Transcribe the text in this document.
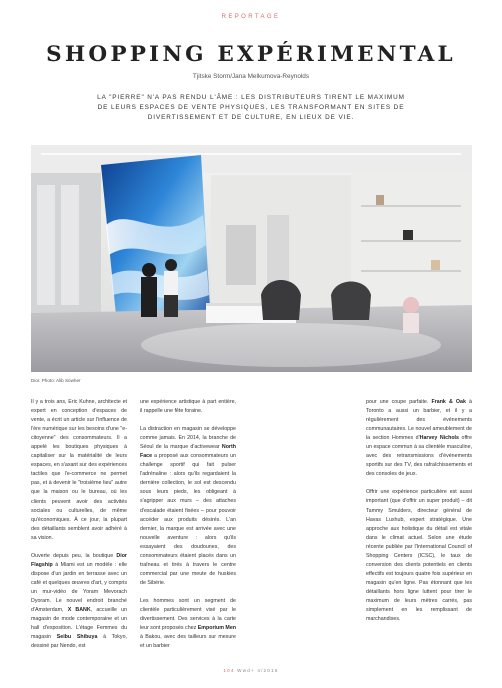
REPORTAGE
SHOPPING EXPÉRIMENTAL
Tjitske Storm/Jana Melkumova-Reynolds
LA "PIERRE" N'A PAS RENDU L'ÂME : LES DISTRIBUTEURS TIRENT LE MAXIMUM DE LEURS ESPACES DE VENTE PHYSIQUES, LES TRANSFORMANT EN SITES DE DIVERTISSEMENT ET DE CULTURE, EN LIEUX DE VIE.
Dior. Photo: Alib Sowher

Il y a trois ans, Eric Kuhne, architecte et expert en conception d'espaces de vente, a écrit un article sur l'influence de l'ère numérique sur les besoins d'une "e-citoyenne" des consommateurs. Il a appelé les boutiques physiques à capitaliser sur la matérialité de leurs espaces, en s'axant sur des expériences tactiles que l'e-commerce ne permet pas, et à devenir le "troisième lieu" autre que la maison ou le bureau, où les clients peuvent avoir des activités sociales ou culturelles, de même qu'économiques. À ce jour, la plupart des détaillants semblent avoir adhéré à sa vision.

Ouverte depuis peu, la boutique Dior Flagship à Miami est un modèle : elle dispose d'un jardin en terrasse avec un café et quelques œuvres d'art, y compris un mur-vidéo de Yoram Mevorach Dyoram. Le nouvel endroit branché d'Amsterdam, X BANK, accueille un magasin de mode contemporaine et un hall d'exposition. L'étage Femmes du magasin Seibu Shibuya à Tokyo, dessiné par Nendo, est

une expérience artistique à part entière, il rappelle une fête foraine.

La distraction en magasin se développe comme jamais. En 2014, la branche de Séoul de la marque d'activewear North Face a proposé aux consommateurs un challenge sportif qui fait pulser l'adrénaline : alors qu'ils regardaient la dernière collection, le sol est descendu sous leurs pieds, les obligeant à s'agripper aux murs – des attaches d'escalade étaient fixées – pour pouvoir accéder aux produits désirés. L'an dernier, la marque est arrivée avec une nouvelle aventure : alors qu'ils essayaient des doudounes, des consommateurs étaient placés dans un traîneau et tirés à travers le centre commercial par une meute de huskies de Sibérie.

Les hommes sont un segment de clientèle particulièrement visé par le divertissement. Des services à la carte leur sont proposés chez Emporium Men à Bakou, avec des tailleurs sur mesure et un barbier

pour une coupe parfaite. Frank & Oak à Toronto a aussi un barbier, et il y a régulièrement des événements communautaires. Le nouvel ameublement de la section Hommes d'Harvey Nichols offre un espace commun à sa clientèle masculine, avec des retransmissions d'événements sportifs sur des TV, des rafraîchissements et des consoles de jeux.

Offrir une expérience particulière est aussi important (que d'offrir un super produit) – dit Tammy Smulders, directeur général de Havas Luxhub, expert stratégique. Une approche aux holistique du détail est vitale dans le climat actuel. Selon une étude récente publiée par l'International Council of Shopping Centers (ICSC), le taux de conversion des clients potentiels en clients effectifs est toujours quatre fois supérieur en magasin qu'en ligne. Pas étonnant que les détaillants hors ligne luttent pour tirer le maximum de leurs mètres carrés, pas simplement en les remplissant de marchandises.

104 Wwd+ 4/2016
